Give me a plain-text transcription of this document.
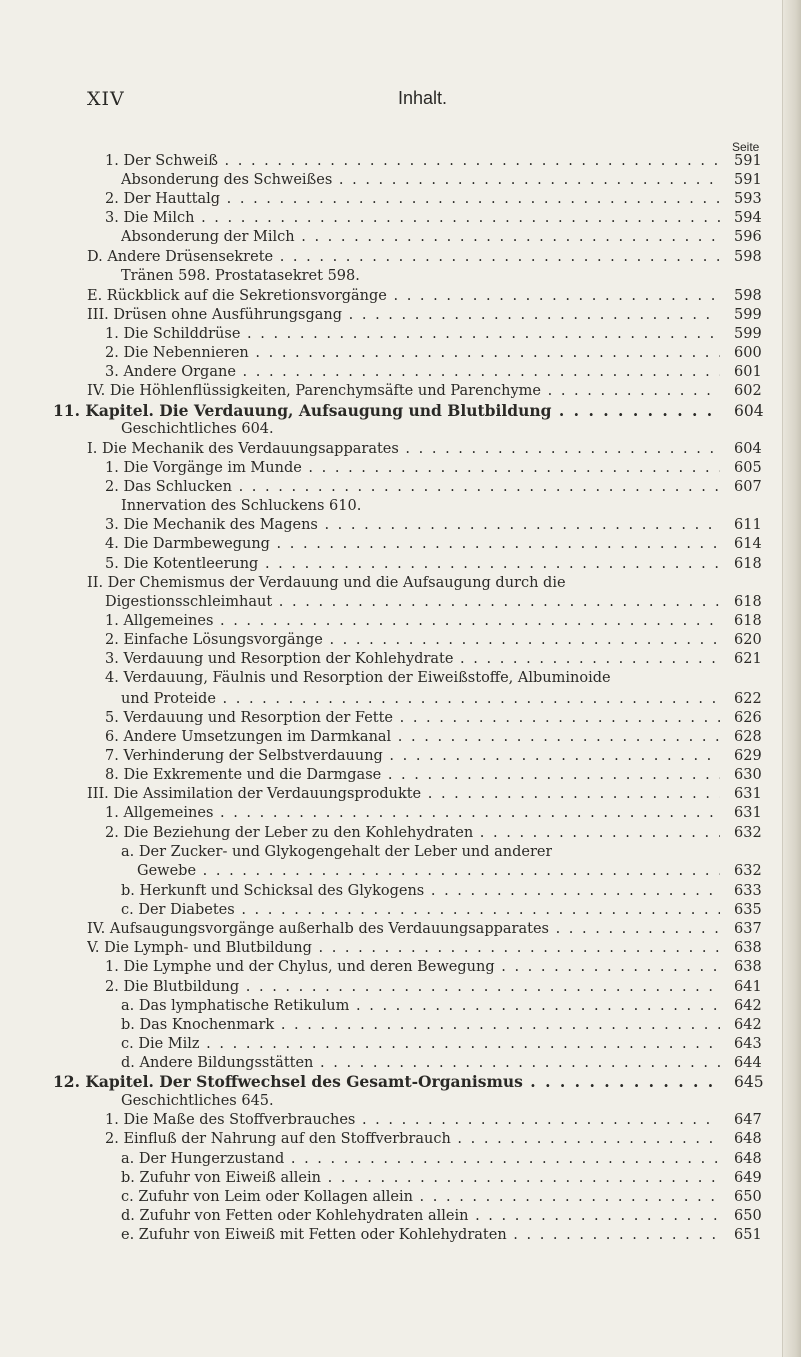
XIV	Inhalt.
Seite
1. Der Schweiß . . .	591
Absonderung des Schweißes . . .	591
2. Der Hauttalg . . .	593
3. Die Milch . . .	594
Absonderung der Milch . . .	596
D. Andere Drüsensekrete . . .	598
Tränen 598. Prostatasekret 598.
E. Rückblick auf die Sekretionsvorgänge . . .	598
III. Drüsen ohne Ausführungsgang . . .	599
1. Die Schilddrüse . . .	599
2. Die Nebennieren . . .	600
3. Andere Organe . . .	601
IV. Die Höhlenflüssigkeiten, Parenchymsäfte und Parenchyme . . .	602
11. Kapitel. Die Verdauung, Aufsaugung und Blutbildung . . .	604
Geschichtliches 604.
I. Die Mechanik des Verdauungsapparates . . .	604
1. Die Vorgänge im Munde . . .	605
2. Das Schlucken . . .	607
Innervation des Schluckens 610.
3. Die Mechanik des Magens . . .	611
4. Die Darmbewegung . . .	614
5. Die Kotentleerung . . .	618
II. Der Chemismus der Verdauung und die Aufsaugung durch die
Digestionsschleimhaut . . .	618
1. Allgemeines . . .	618
2. Einfache Lösungsvorgänge . . .	620
3. Verdauung und Resorption der Kohlehydrate . . .	621
4. Verdauung, Fäulnis und Resorption der Eiweißstoffe, Albuminoide
und Proteide . . .	622
5. Verdauung und Resorption der Fette . . .	626
6. Andere Umsetzungen im Darmkanal . . .	628
7. Verhinderung der Selbstverdauung . . .	629
8. Die Exkremente und die Darmgase . . .	630
III. Die Assimilation der Verdauungsprodukte . . .	631
1. Allgemeines . . .	631
2. Die Beziehung der Leber zu den Kohlehydraten . . .	632
a. Der Zucker- und Glykogengehalt der Leber und anderer
Gewebe . . .	632
b. Herkunft und Schicksal des Glykogens . . .	633
c. Der Diabetes . . .	635
IV. Aufsaugungsvorgänge außerhalb des Verdauungsapparates . . .	637
V. Die Lymph- und Blutbildung . . .	638
1. Die Lymphe und der Chylus, und deren Bewegung . . .	638
2. Die Blutbildung . . .	641
a. Das lymphatische Retikulum . . .	642
b. Das Knochenmark . . .	642
c. Die Milz . . .	643
d. Andere Bildungsstätten . . .	644
12. Kapitel. Der Stoffwechsel des Gesamt-Organismus . . .	645
Geschichtliches 645.
1. Die Maße des Stoffverbrauches . . .	647
2. Einfluß der Nahrung auf den Stoffverbrauch . . .	648
a. Der Hungerzustand . . .	648
b. Zufuhr von Eiweiß allein . . .	649
c. Zufuhr von Leim oder Kollagen allein . . .	650
d. Zufuhr von Fetten oder Kohlehydraten allein . . .	650
e. Zufuhr von Eiweiß mit Fetten oder Kohlehydraten . . .	651
